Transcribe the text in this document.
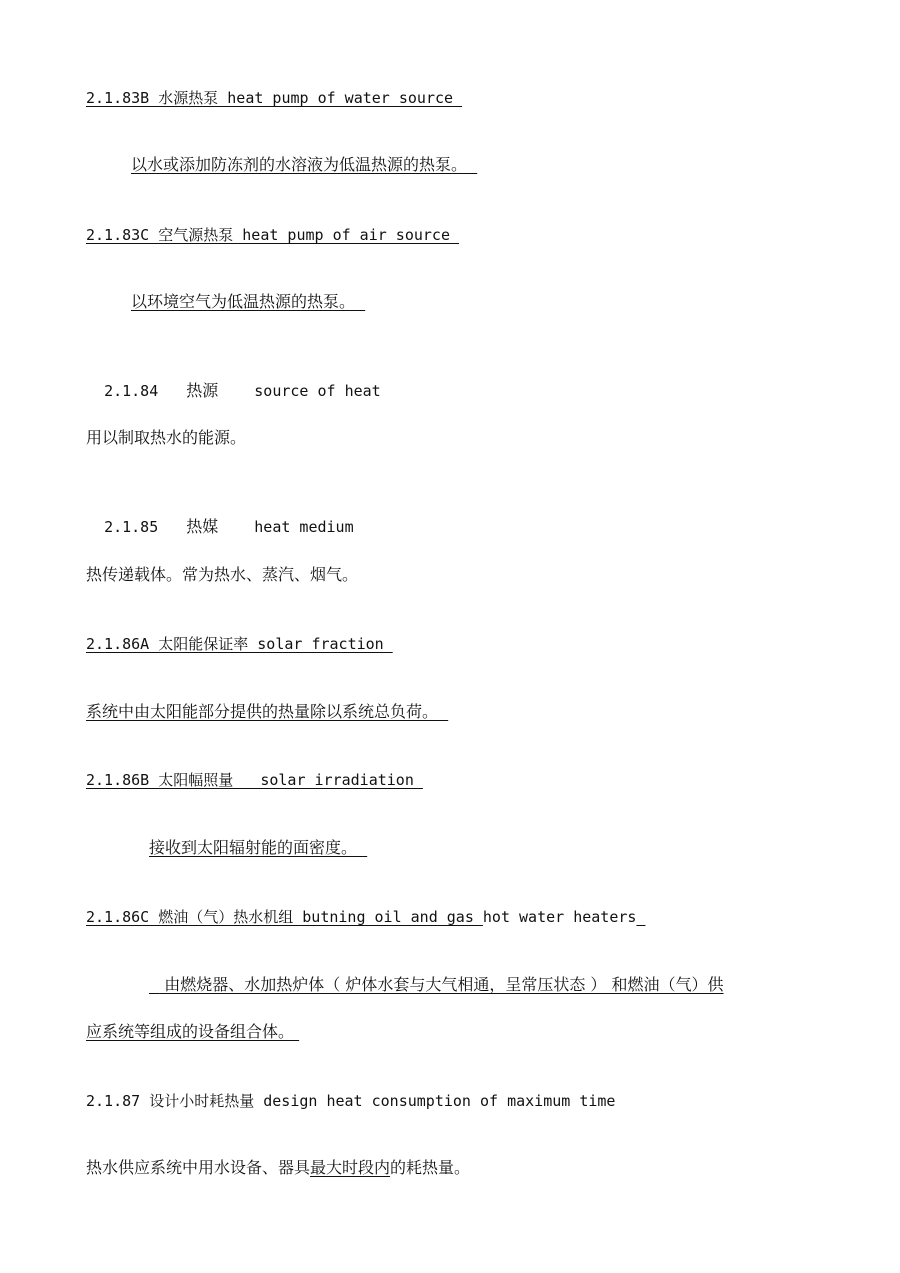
2.1.83B 水源热泵 heat pump of water source
以水或添加防冻剂的水溶液为低温热源的热泵。
2.1.83C 空气源热泵 heat pump of air source
以环境空气为低温热源的热泵。

2.1.84 热源 source of heat

用以制取热水的能源。

2.1.85 热媒 heat medium

热传递载体。常为热水、蒸汽、烟气。
2.1.86A 太阳能保证率 solar fraction
系统中由太阳能部分提供的热量除以系统总负荷。
2.1.86B 太阳幅照量   solar irradiation
接收到太阳辐射能的面密度。
2.1.86C 燃油（气）热水机组 butning oil and gas hot water heaters
由燃烧器、水加热炉体（ 炉体水套与大气相通，呈常压状态 ） 和燃油（气）供
应系统等组成的设备组合体。
2.1.87 设计小时耗热量 design heat consumption of maximum time
热水供应系统中用水设备、器具最大时段内的耗热量。
